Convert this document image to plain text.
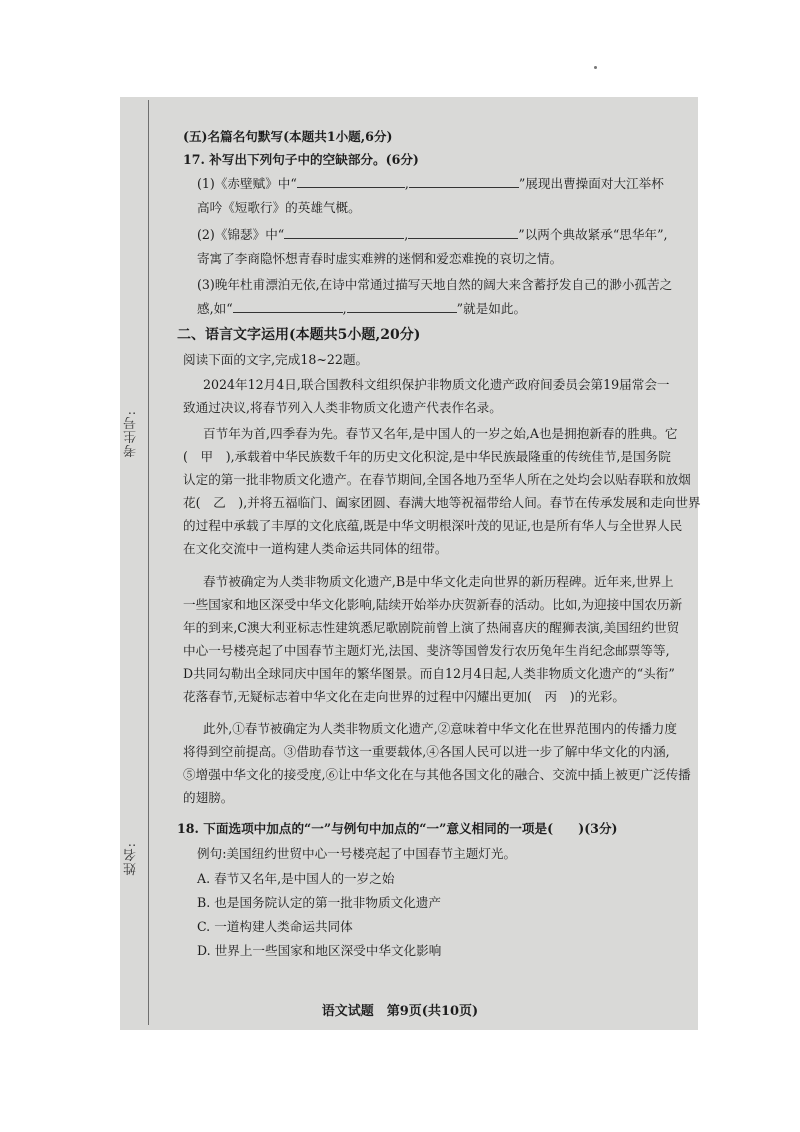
考生号:
姓名:
(五)名篇名句默写(本题共1小题,6分)
17. 补写出下列句子中的空缺部分。(6分)
(1)《赤壁赋》中“	,	”展现出曹操面对大江举杯
高吟《短歌行》的英雄气概。
(2)《锦瑟》中“	,	”以两个典故紧承“思华年”,
寄寓了李商隐怀想青春时虚实难辨的迷惘和爱恋难挽的哀切之情。
(3)晚年杜甫漂泊无依,在诗中常通过描写天地自然的阔大来含蓄抒发自己的渺小孤苦之
感,如“	,	”就是如此。
二、语言文字运用(本题共5小题,20分)
阅读下面的文字,完成18~22题。
2024年12月4日,联合国教科文组织保护非物质文化遗产政府间委员会第19届常会一
致通过决议,将春节列入人类非物质文化遗产代表作名录。
百节年为首,四季春为先。春节又名年,是中国人的一岁之始,A也是拥抱新春的胜典。它
(　甲　),承载着中华民族数千年的历史文化积淀,是中华民族最隆重的传统佳节,是国务院
认定的第一批非物质文化遗产。在春节期间,全国各地乃至华人所在之处均会以贴春联和放烟
花(　乙　),并将五福临门、阖家团圆、春满大地等祝福带给人间。春节在传承发展和走向世界
的过程中承载了丰厚的文化底蕴,既是中华文明根深叶茂的见证,也是所有华人与全世界人民
在文化交流中一道构建人类命运共同体的纽带。
春节被确定为人类非物质文化遗产,B是中华文化走向世界的新历程碑。近年来,世界上
一些国家和地区深受中华文化影响,陆续开始举办庆贺新春的活动。比如,为迎接中国农历新
年的到来,C澳大利亚标志性建筑悉尼歌剧院前曾上演了热闹喜庆的醒狮表演,美国纽约世贸
中心一号楼亮起了中国春节主题灯光,法国、斐济等国曾发行农历兔年生肖纪念邮票等等,
D共同勾勒出全球同庆中国年的繁华图景。而自12月4日起,人类非物质文化遗产的“头衔”
花落春节,无疑标志着中华文化在走向世界的过程中闪耀出更加(　丙　)的光彩。
此外,①春节被确定为人类非物质文化遗产,②意味着中华文化在世界范围内的传播力度
将得到空前提高。③借助春节这一重要载体,④各国人民可以进一步了解中华文化的内涵,
⑤增强中华文化的接受度,⑥让中华文化在与其他各国文化的融合、交流中插上被更广泛传播
的翅膀。
18. 下面选项中加点的“一”与例句中加点的“一”意义相同的一项是(　　)(3分)
例句:美国纽约世贸中心一号楼亮起了中国春节主题灯光。
A. 春节又名年,是中国人的一岁之始
B. 也是国务院认定的第一批非物质文化遗产
C. 一道构建人类命运共同体
D. 世界上一些国家和地区深受中华文化影响
语文试题　第9页(共10页)
